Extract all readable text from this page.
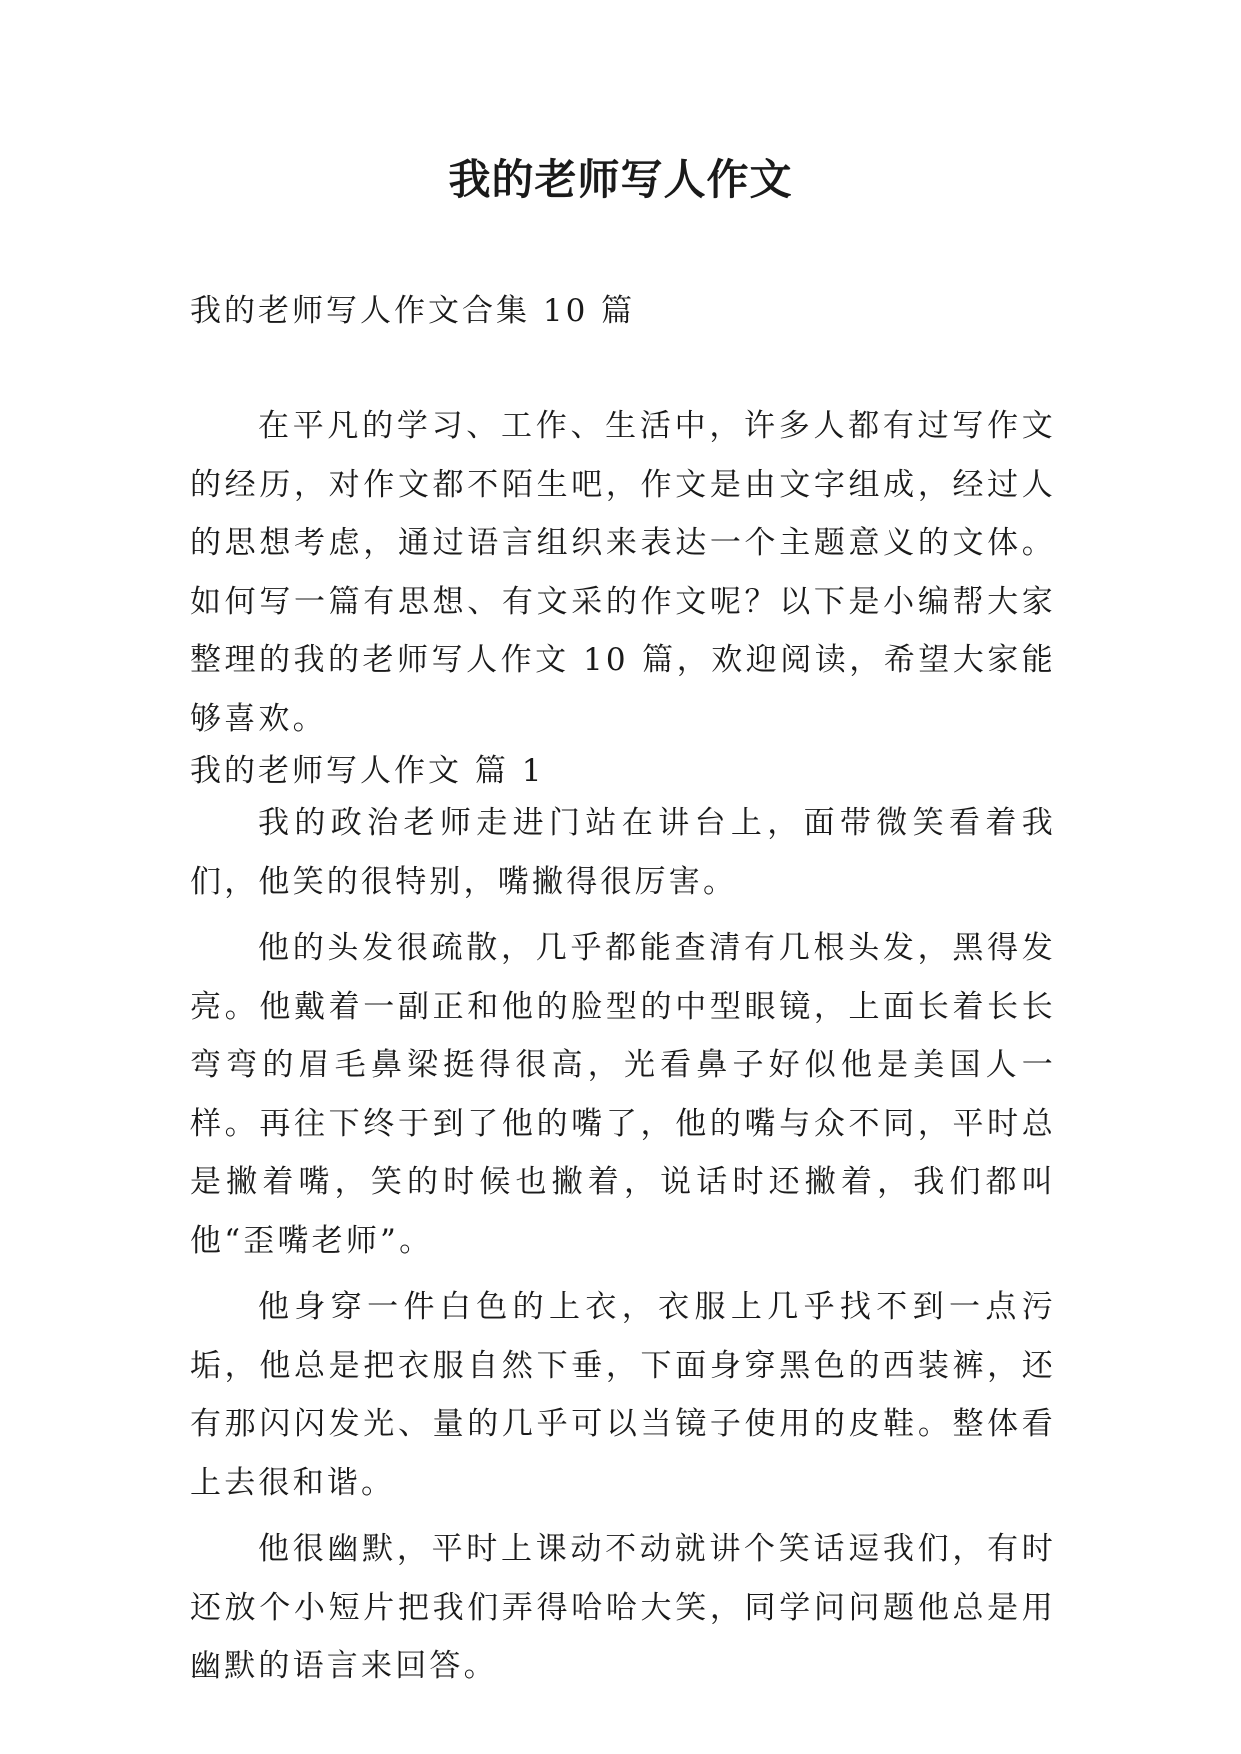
我的老师写人作文

我的老师写人作文合集 10 篇

在平凡的学习、工作、生活中，许多人都有过写作文的经历，对作文都不陌生吧，作文是由文字组成，经过人的思想考虑，通过语言组织来表达一个主题意义的文体。如何写一篇有思想、有文采的作文呢？以下是小编帮大家整理的我的老师写人作文 10 篇，欢迎阅读，希望大家能够喜欢。

我的老师写人作文 篇 1

我的政治老师走进门站在讲台上，面带微笑看着我们，他笑的很特别，嘴撇得很厉害。

他的头发很疏散，几乎都能查清有几根头发，黑得发亮。他戴着一副正和他的脸型的中型眼镜，上面长着长长弯弯的眉毛鼻梁挺得很高，光看鼻子好似他是美国人一样。再往下终于到了他的嘴了，他的嘴与众不同，平时总是撇着嘴，笑的时候也撇着，说话时还撇着，我们都叫他“歪嘴老师”。

他身穿一件白色的上衣，衣服上几乎找不到一点污垢，他总是把衣服自然下垂，下面身穿黑色的西装裤，还有那闪闪发光、量的几乎可以当镜子使用的皮鞋。整体看上去很和谐。

他很幽默，平时上课动不动就讲个笑话逗我们，有时还放个小短片把我们弄得哈哈大笑，同学问问题他总是用幽默的语言来回答。
